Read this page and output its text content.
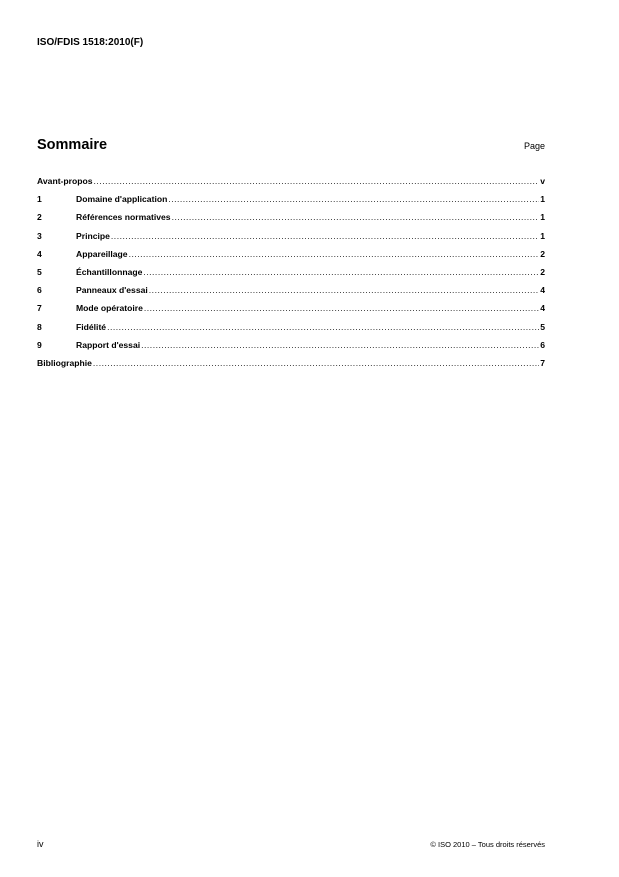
ISO/FDIS 1518:2010(F)
Sommaire	Page
Avant-propos .....	v
1	Domaine d'application .....	1
2	Références normatives .....	1
3	Principe .....	1
4	Appareillage .....	2
5	Échantillonnage .....	2
6	Panneaux d'essai .....	4
7	Mode opératoire .....	4
8	Fidélité .....	5
9	Rapport d'essai .....	6
Bibliographie .....	7
iv	© ISO 2010 – Tous droits réservés
